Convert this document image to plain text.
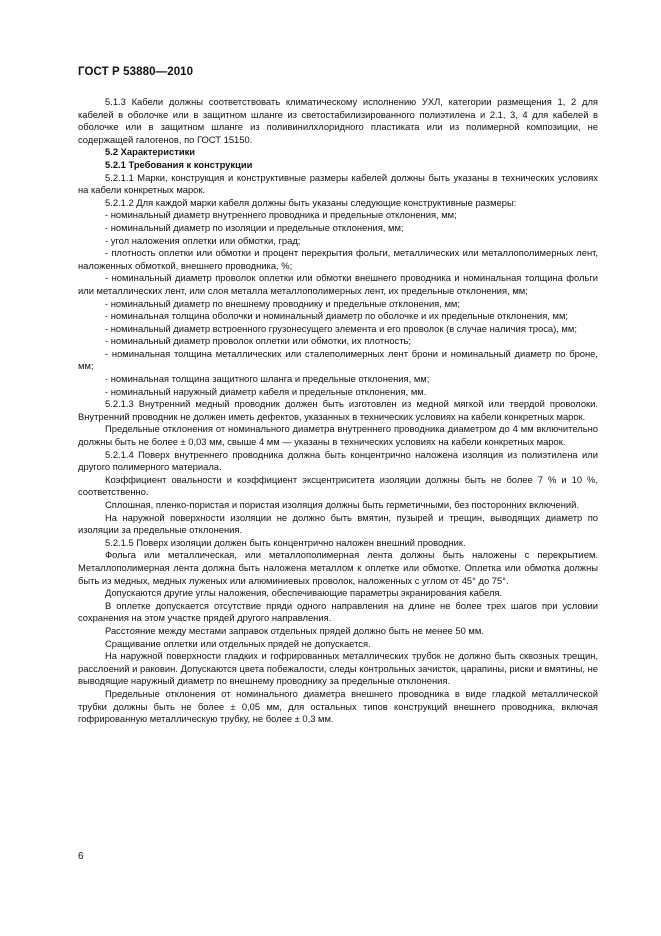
ГОСТ Р 53880—2010

5.1.3 Кабели должны соответствовать климатическому исполнению УХЛ, категории размещения 1, 2 для кабелей в оболочке или в защитном шланге из светостабилизированного полиэтилена и 2.1, 3, 4 для кабелей в оболочке или в защитном шланге из поливинилхлоридного пластиката или из полимерной композиции, не содержащей галогенов, по ГОСТ 15150.

5.2 Характеристики

5.2.1 Требования к конструкции

5.2.1.1 Марки, конструкция и конструктивные размеры кабелей должны быть указаны в технических условиях на кабели конкретных марок.

5.2.1.2 Для каждой марки кабеля должны быть указаны следующие конструктивные размеры:

- номинальный диаметр внутреннего проводника и предельные отклонения, мм;

- номинальный диаметр по изоляции и предельные отклонения, мм;

- угол наложения оплетки или обмотки, град;

- плотность оплетки или обмотки и процент перекрытия фольги, металлических или металлополимерных лент, наложенных обмоткой, внешнего проводника, %;

- номинальный диаметр проволок оплетки или обмотки внешнего проводника и номинальная толщина фольги или металлических лент, или слоя металла металлополимерных лент, их предельные отклонения, мм;

- номинальный диаметр по внешнему проводнику и предельные отклонения, мм;

- номинальная толщина оболочки и номинальный диаметр по оболочке и их предельные отклонения, мм;

- номинальный диаметр встроенного грузонесущего элемента и его проволок (в случае наличия троса), мм;

- номинальный диаметр проволок оплетки или обмотки, их плотность;

- номинальная толщина металлических или сталеполимерных лент брони и номинальный диаметр по броне, мм;

- номинальная толщина защитного шланга и предельные отклонения, мм;

- номинальный наружный диаметр кабеля и предельные отклонения, мм.

5.2.1.3 Внутренний медный проводник должен быть изготовлен из медной мягкой или твердой проволоки. Внутренний проводник не должен иметь дефектов, указанных в технических условиях на кабели конкретных марок.

Предельные отклонения от номинального диаметра внутреннего проводника диаметром до 4 мм включительно должны быть не более ± 0,03 мм, свыше 4 мм — указаны в технических условиях на кабели конкретных марок.

5.2.1.4 Поверх внутреннего проводника должна быть концентрично наложена изоляция из полиэтилена или другого полимерного материала.

Коэффициент овальности и коэффициент эксцентриситета изоляции должны быть не более 7 % и 10 %, соответственно.

Сплошная, пленко-пористая и пористая изоляция должны быть герметичными, без посторонних включений.

На наружной поверхности изоляции не должно быть вмятин, пузырей и трещин, выводящих диаметр по изоляции за предельные отклонения.

5.2.1.5 Поверх изоляции должен быть концентрично наложен внешний проводник.

Фольга или металлическая, или металлополимерная лента должны быть наложены с перекрытием. Металлополимерная лента должна быть наложена металлом к оплетке или обмотке. Оплетка или обмотка должны быть из медных, медных луженых или алюминиевых проволок, наложенных с углом от 45° до 75°.

Допускаются другие углы наложения, обеспечивающие параметры экранирования кабеля.

В оплетке допускается отсутствие пряди одного направления на длине не более трех шагов при условии сохранения на этом участке прядей другого направления.

Расстояние между местами заправок отдельных прядей должно быть не менее 50 мм.

Сращивание оплетки или отдельных прядей не допускается.

На наружной поверхности гладких и гофрированных металлических трубок не должно быть сквозных трещин, расслоений и раковин. Допускаются цвета побежалости, следы контрольных зачисток, царапины, риски и вмятины, не выводящие наружный диаметр по внешнему проводнику за предельные отклонения.

Предельные отклонения от номинального диаметра внешнего проводника в виде гладкой металлической трубки должны быть не более ± 0,05 мм, для остальных типов конструкций внешнего проводника, включая гофрированную металлическую трубку, не более ± 0,3 мм.

6
